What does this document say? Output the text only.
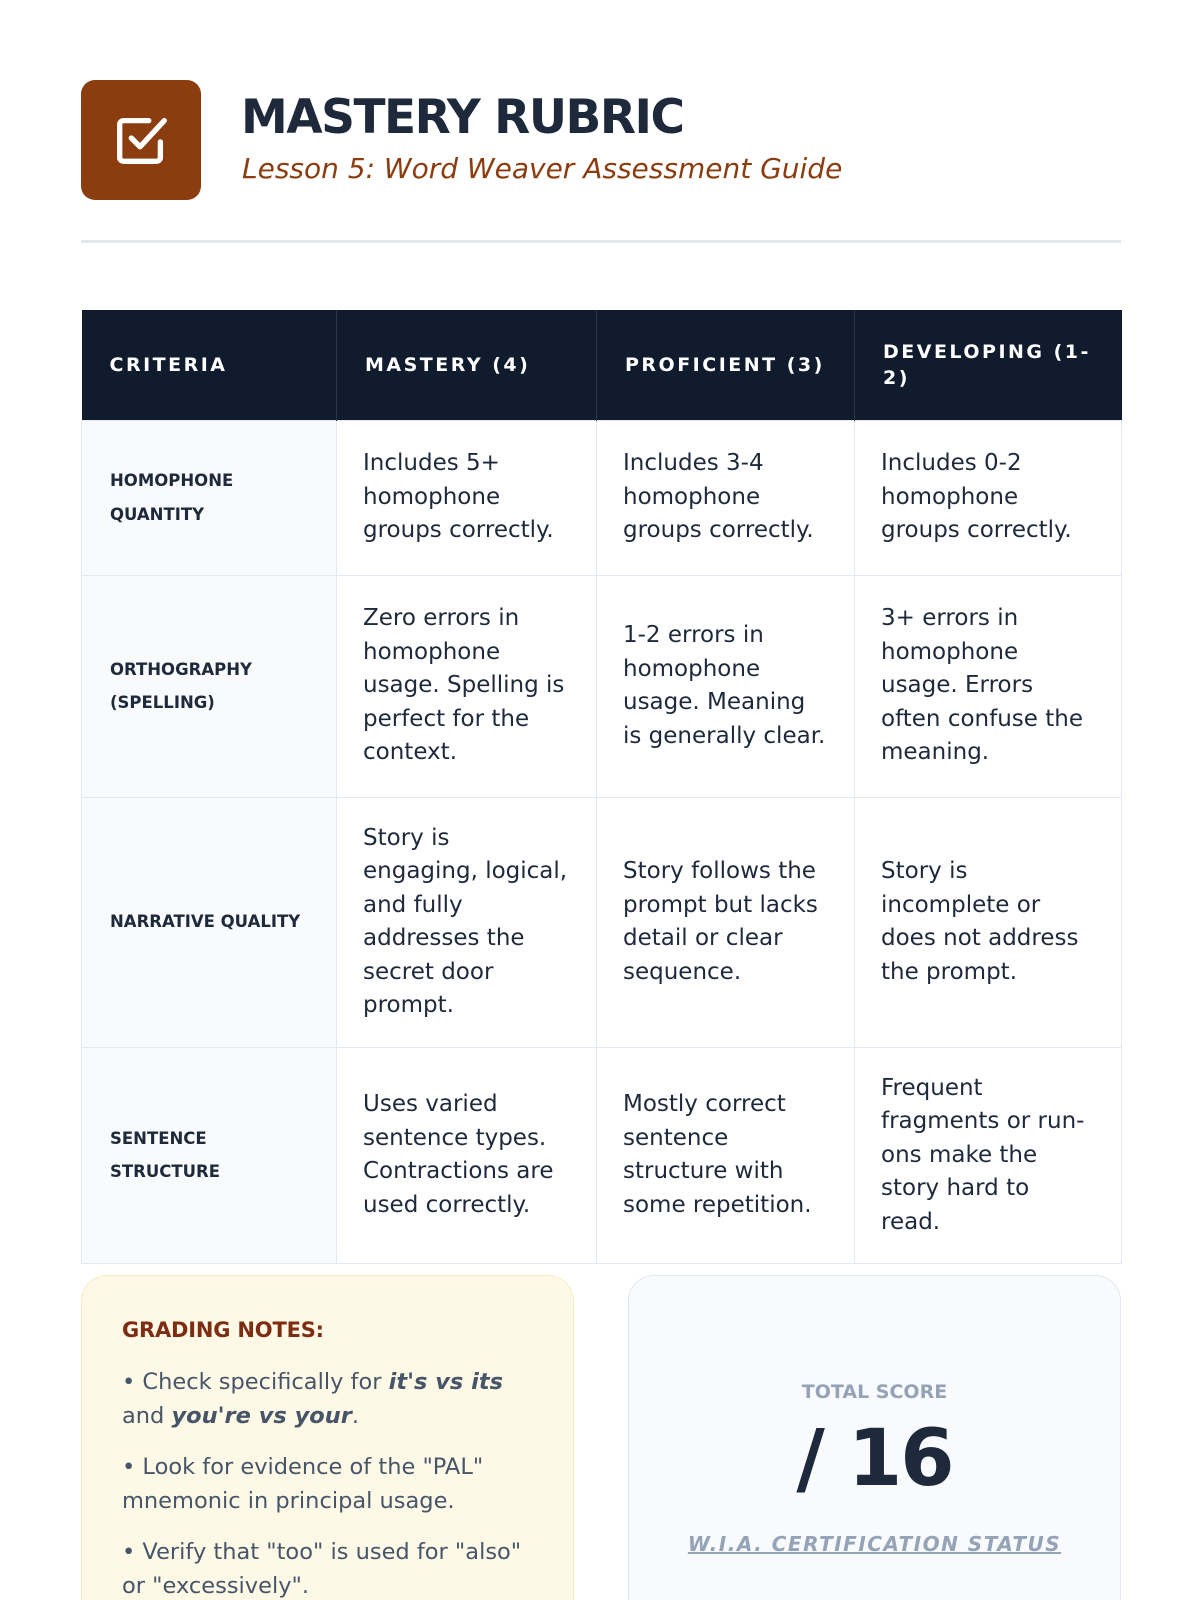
MASTERY RUBRIC
Lesson 5: Word Weaver Assessment Guide
CRITERIA	MASTERY (4)	PROFICIENT (3)	DEVELOPING (1-2)
HOMOPHONE QUANTITY	Includes 5+ homophone groups correctly.	Includes 3-4 homophone groups correctly.	Includes 0-2 homophone groups correctly.
ORTHOGRAPHY (SPELLING)	Zero errors in homophone usage. Spelling is perfect for the context.	1-2 errors in homophone usage. Meaning is generally clear.	3+ errors in homophone usage. Errors often confuse the meaning.
NARRATIVE QUALITY	Story is engaging, logical, and fully addresses the secret door prompt.	Story follows the prompt but lacks detail or clear sequence.	Story is incomplete or does not address the prompt.
SENTENCE STRUCTURE	Uses varied sentence types. Contractions are used correctly.	Mostly correct sentence structure with some repetition.	Frequent fragments or run-ons make the story hard to read.
GRADING NOTES:
• Check specifically for it's vs its and you're vs your.
• Look for evidence of the "PAL" mnemonic in principal usage.
• Verify that "too" is used for "also" or "excessively".
TOTAL SCORE
/ 16
W.I.A. CERTIFICATION STATUS
